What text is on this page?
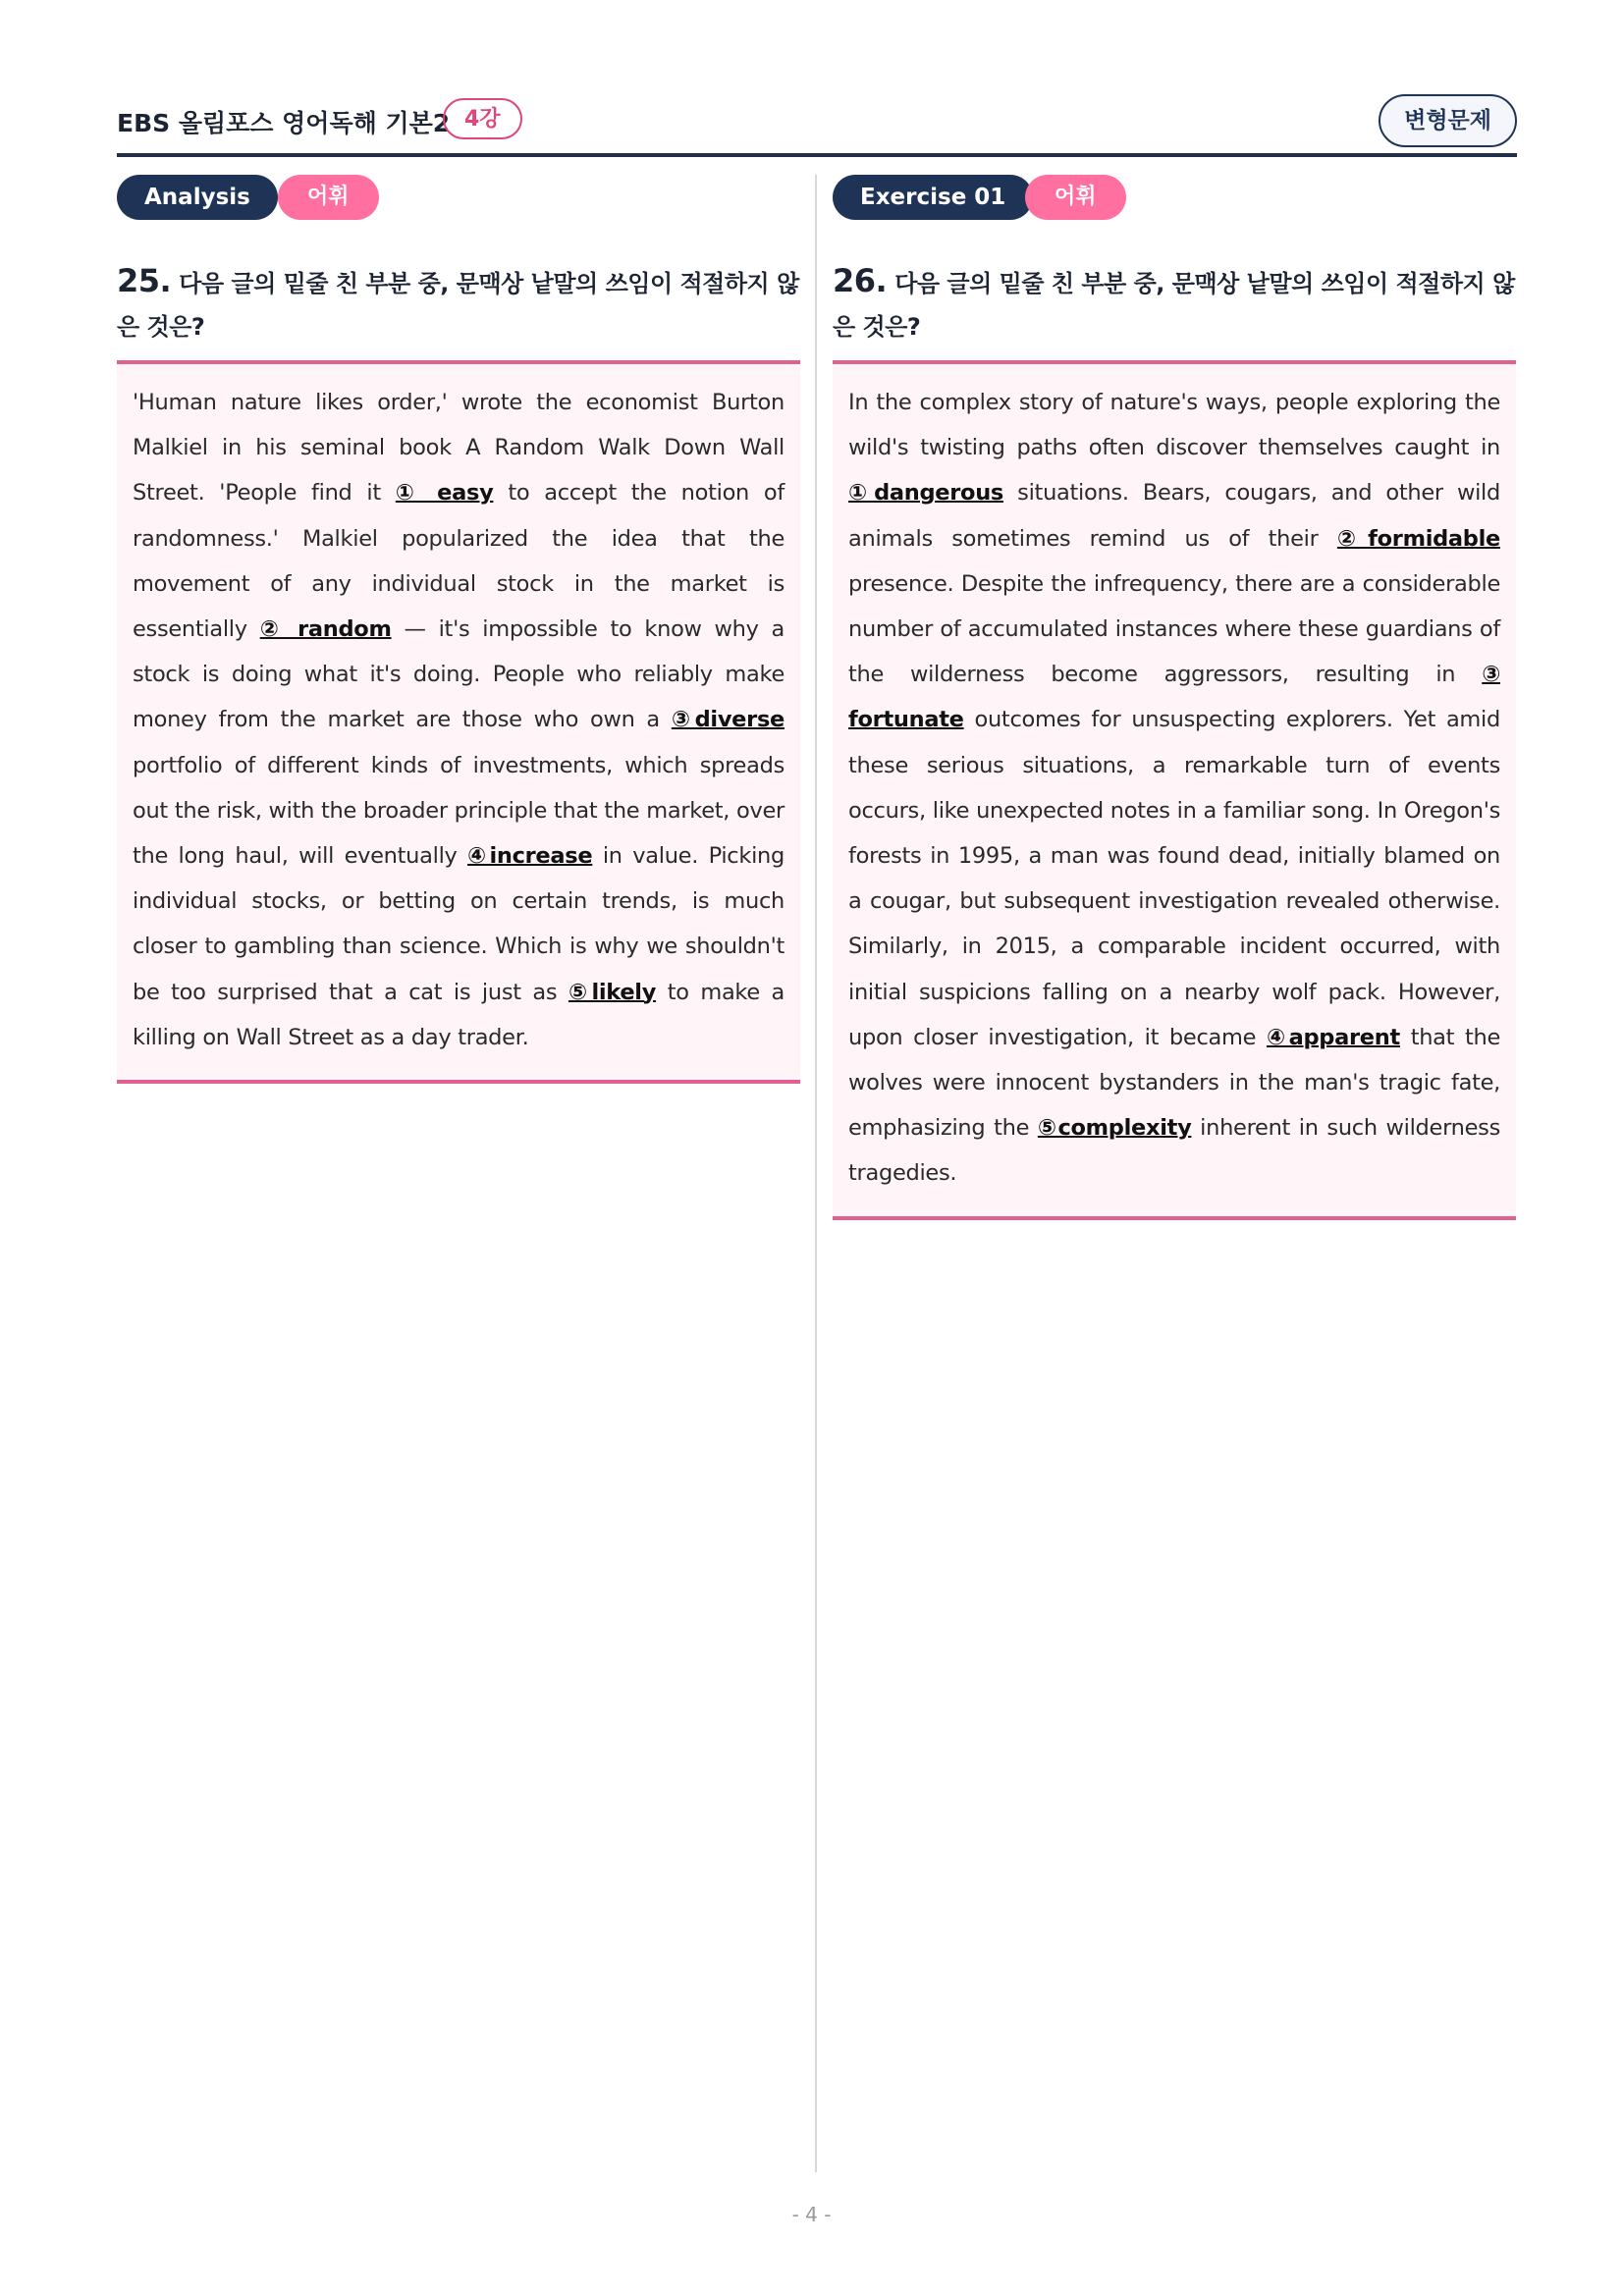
EBS 올림포스 영어독해 기본2 4강	변형문제
Analysis	어휘
25. 다음 글의 밑줄 친 부분 중, 문맥상 낱말의 쓰임이 적절하지 않은 것은?

'Human nature likes order,' wrote the economist Burton Malkiel in his seminal book A Random Walk Down Wall Street. 'People find it ① easy to accept the notion of randomness.' Malkiel popularized the idea that the movement of any individual stock in the market is essentially ② random — it's impossible to know why a stock is doing what it's doing. People who reliably make money from the market are those who own a ③diverse portfolio of different kinds of investments, which spreads out the risk, with the broader principle that the market, over the long haul, will eventually ④increase in value. Picking individual stocks, or betting on certain trends, is much closer to gambling than science. Which is why we shouldn't be too surprised that a cat is just as ⑤likely to make a killing on Wall Street as a day trader.

Exercise 01	어휘
26. 다음 글의 밑줄 친 부분 중, 문맥상 낱말의 쓰임이 적절하지 않은 것은?

In the complex story of nature's ways, people exploring the wild's twisting paths often discover themselves caught in ①dangerous situations. Bears, cougars, and other wild animals sometimes remind us of their ②formidable presence. Despite the infrequency, there are a considerable number of accumulated instances where these guardians of the wilderness become aggressors, resulting in ③ fortunate outcomes for unsuspecting explorers. Yet amid these serious situations, a remarkable turn of events occurs, like unexpected notes in a familiar song. In Oregon's forests in 1995, a man was found dead, initially blamed on a cougar, but subsequent investigation revealed otherwise. Similarly, in 2015, a comparable incident occurred, with initial suspicions falling on a nearby wolf pack. However, upon closer investigation, it became ④apparent that the wolves were innocent bystanders in the man's tragic fate, emphasizing the ⑤complexity inherent in such wilderness tragedies.

- 4 -
